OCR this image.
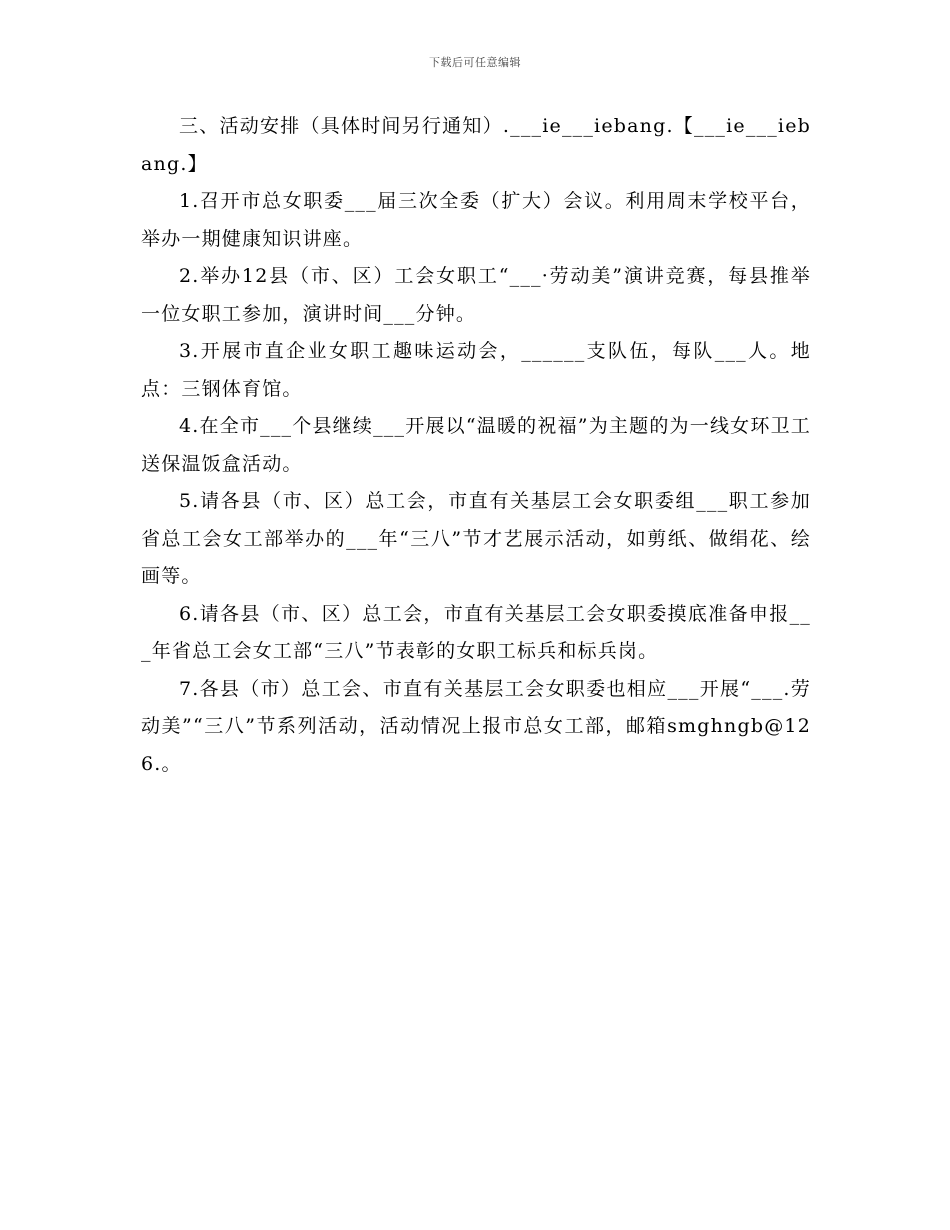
下载后可任意编辑

三、活动安排（具体时间另行通知）.___ie___iebang.【___ie___iebang.】

1.召开市总女职委___届三次全委（扩大）会议。利用周末学校平台，举办一期健康知识讲座。

2.举办12县（市、区）工会女职工“___·劳动美”演讲竞赛，每县推举一位女职工参加，演讲时间___分钟。

3.开展市直企业女职工趣味运动会，______支队伍，每队___人。地点：三钢体育馆。

4.在全市___个县继续___开展以“温暖的祝福”为主题的为一线女环卫工送保温饭盒活动。

5.请各县（市、区）总工会，市直有关基层工会女职委组___职工参加省总工会女工部举办的___年“三八”节才艺展示活动，如剪纸、做绢花、绘画等。

6.请各县（市、区）总工会，市直有关基层工会女职委摸底准备申报___年省总工会女工部“三八”节表彰的女职工标兵和标兵岗。

7.各县（市）总工会、市直有关基层工会女职委也相应___开展“___.劳动美”“三八”节系列活动，活动情况上报市总女工部，邮箱smghngb@126.。
